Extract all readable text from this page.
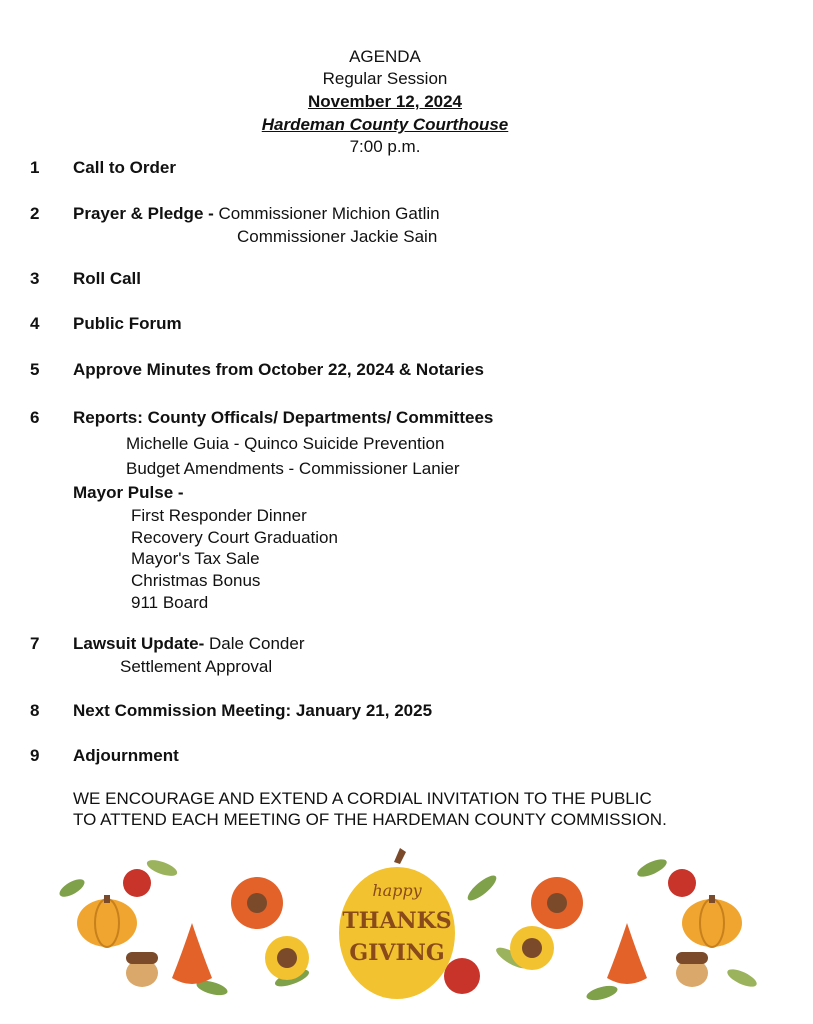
AGENDA
Regular Session
November 12, 2024
Hardeman County Courthouse
7:00 p.m.
1 Call to Order
2 Prayer & Pledge - Commissioner Michion Gatlin
Commissioner Jackie Sain
3 Roll Call
4 Public Forum
5 Approve Minutes from October 22, 2024 & Notaries
6 Reports: County Officals/ Departments/ Committees
Michelle Guia - Quinco Suicide Prevention
Budget Amendments - Commissioner Lanier
Mayor Pulse -
First Responder Dinner
Recovery Court Graduation
Mayor's Tax Sale
Christmas Bonus
911 Board
7 Lawsuit Update- Dale Conder
Settlement Approval
8 Next Commission Meeting: January 21, 2025
9 Adjournment
WE ENCOURAGE AND EXTEND A CORDIAL INVITATION TO THE PUBLIC
TO ATTEND EACH MEETING OF THE HARDEMAN COUNTY COMMISSION.
happy
THANKS
GIVING
